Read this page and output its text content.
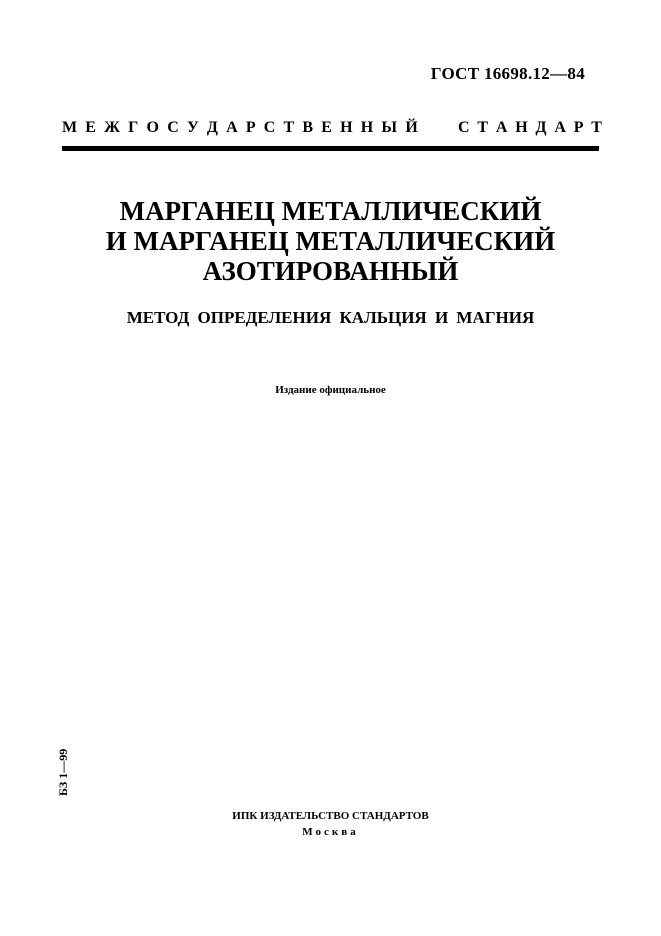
ГОСТ 16698.12—84
М Е Ж Г О С У Д А Р С Т В Е Н Н Ы Й	С Т А Н Д А Р Т
МАРГАНЕЦ МЕТАЛЛИЧЕСКИЙ
И МАРГАНЕЦ МЕТАЛЛИЧЕСКИЙ
АЗОТИРОВАННЫЙ
МЕТОД ОПРЕДЕЛЕНИЯ КАЛЬЦИЯ И МАГНИЯ
Издание официальное
БЗ 1—99
ИПК ИЗДАТЕЛЬСТВО СТАНДАРТОВ
Москва
